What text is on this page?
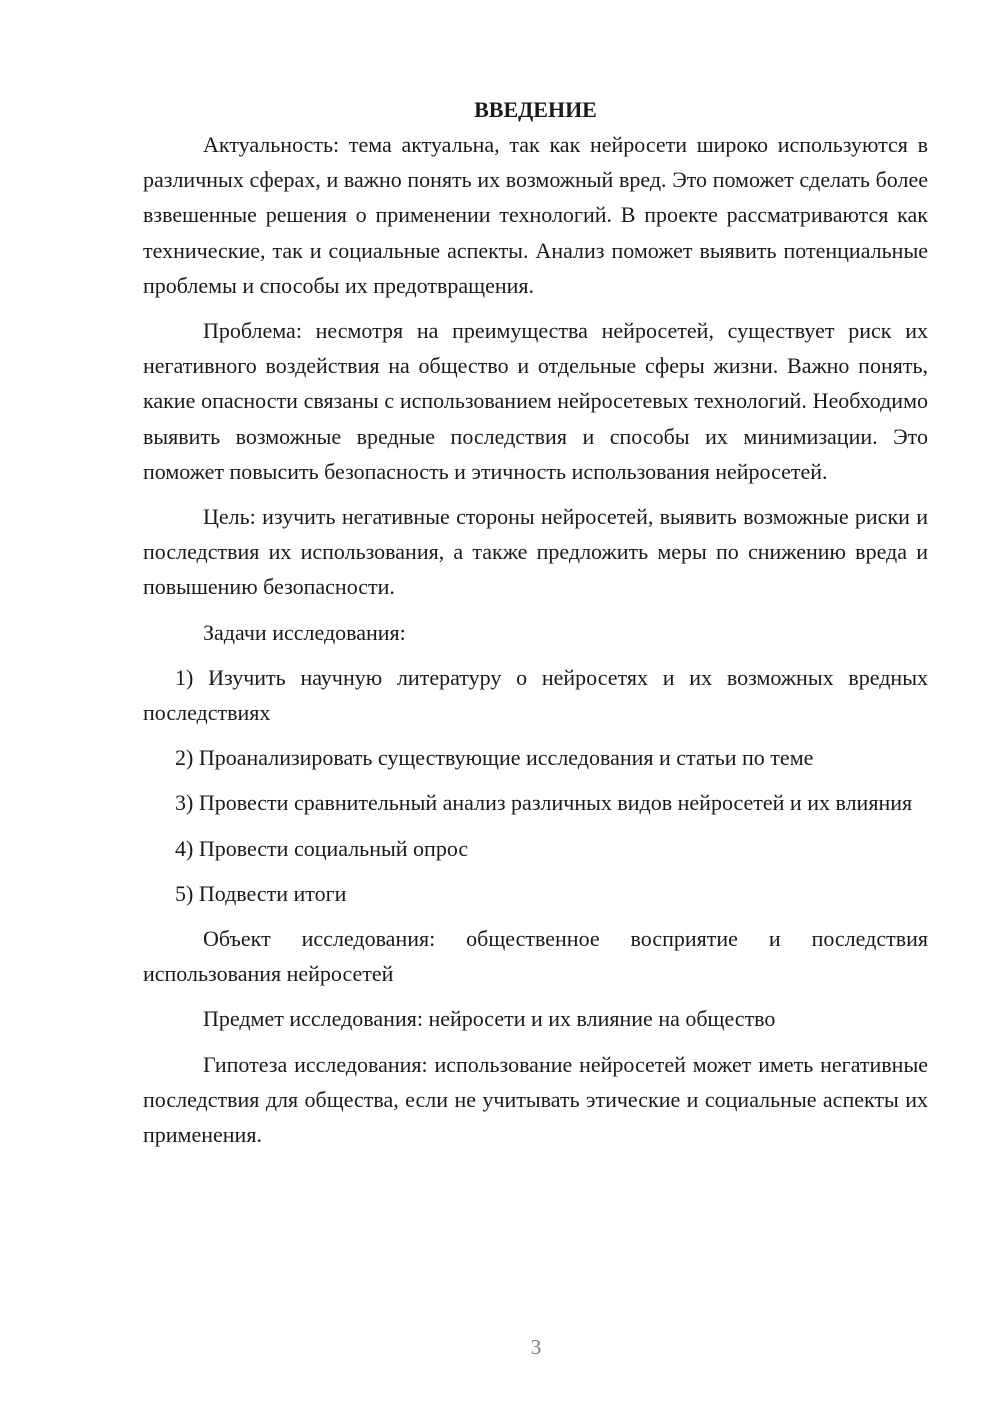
ВВЕДЕНИЕ

Актуальность: тема актуальна, так как нейросети широко используются в различных сферах, и важно понять их возможный вред. Это поможет сделать более взвешенные решения о применении технологий. В проекте рассматриваются как технические, так и социальные аспекты. Анализ поможет выявить потенциальные проблемы и способы их предотвращения.

Проблема: несмотря на преимущества нейросетей, существует риск их негативного воздействия на общество и отдельные сферы жизни. Важно понять, какие опасности связаны с использованием нейросетевых технологий. Необходимо выявить возможные вредные последствия и способы их минимизации. Это поможет повысить безопасность и этичность использования нейросетей.

Цель: изучить негативные стороны нейросетей, выявить возможные риски и последствия их использования, а также предложить меры по снижению вреда и повышению безопасности.

Задачи исследования:

1) Изучить научную литературу о нейросетях и их возможных вредных последствиях

2) Проанализировать существующие исследования и статьи по теме

3) Провести сравнительный анализ различных видов нейросетей и их влияния

4) Провести социальный опрос

5) Подвести итоги

Объект исследования: общественное восприятие и последствия использования нейросетей

Предмет исследования: нейросети и их влияние на общество

Гипотеза исследования: использование нейросетей может иметь негативные последствия для общества, если не учитывать этические и социальные аспекты их применения.

3
